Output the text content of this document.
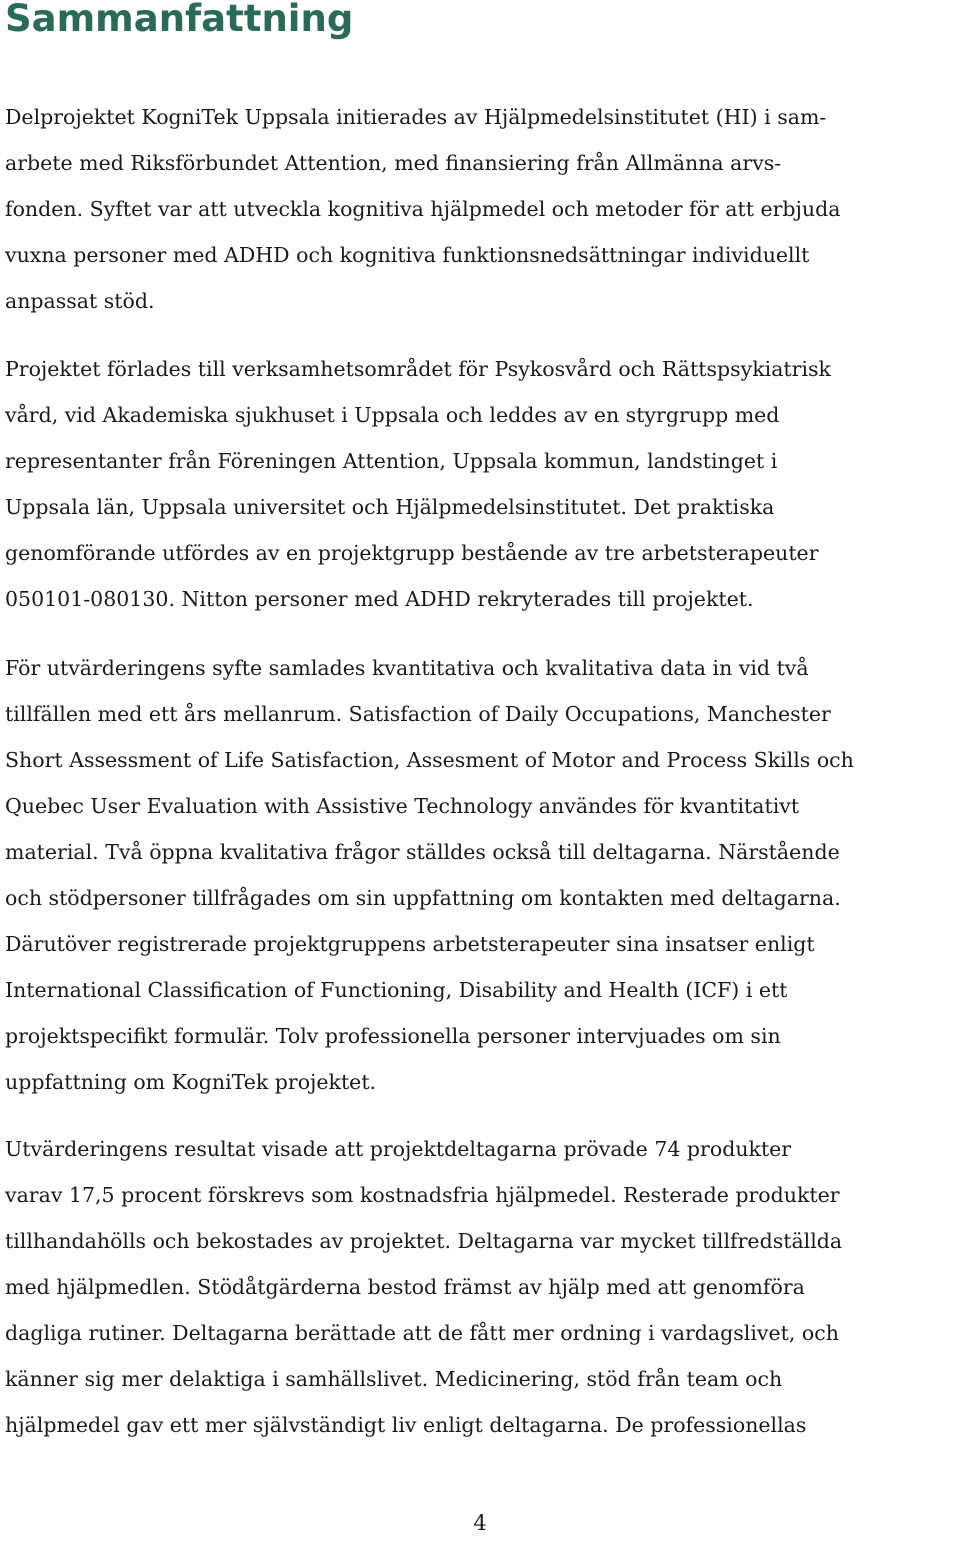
Sammanfattning
Delprojektet KogniTek Uppsala initierades av Hjälpmedelsinstitutet (HI) i sam-
arbete med Riksförbundet Attention, med finansiering från Allmänna arvs-
fonden. Syftet var att utveckla kognitiva hjälpmedel och metoder för att erbjuda
vuxna personer med ADHD och kognitiva funktionsnedsättningar individuellt
anpassat stöd.
Projektet förlades till verksamhetsområdet för Psykosvård och Rättspsykiatrisk
vård, vid Akademiska sjukhuset i Uppsala och leddes av en styrgrupp med
representanter från Föreningen Attention, Uppsala kommun, landstinget i
Uppsala län, Uppsala universitet och Hjälpmedelsinstitutet. Det praktiska
genomförande utfördes av en projektgrupp bestående av tre arbetsterapeuter
050101-080130. Nitton personer med ADHD rekryterades till projektet.
För utvärderingens syfte samlades kvantitativa och kvalitativa data in vid två
tillfällen med ett års mellanrum. Satisfaction of Daily Occupations, Manchester
Short Assessment of Life Satisfaction, Assesment of Motor and Process Skills och
Quebec User Evaluation with Assistive Technology användes för kvantitativt
material. Två öppna kvalitativa frågor ställdes också till deltagarna. Närstående
och stödpersoner tillfrågades om sin uppfattning om kontakten med deltagarna.
Därutöver registrerade projektgruppens arbetsterapeuter sina insatser enligt
International Classification of Functioning, Disability and Health (ICF) i ett
projektspecifikt formulär. Tolv professionella personer intervjuades om sin
uppfattning om KogniTek projektet.
Utvärderingens resultat visade att projektdeltagarna prövade 74 produkter
varav 17,5 procent förskrevs som kostnadsfria hjälpmedel. Resterade produkter
tillhandahölls och bekostades av projektet. Deltagarna var mycket tillfredställda
med hjälpmedlen. Stödåtgärderna bestod främst av hjälp med att genomföra
dagliga rutiner. Deltagarna berättade att de fått mer ordning i vardagslivet, och
känner sig mer delaktiga i samhällslivet. Medicinering, stöd från team och
hjälpmedel gav ett mer självständigt liv enligt deltagarna. De professionellas
4
